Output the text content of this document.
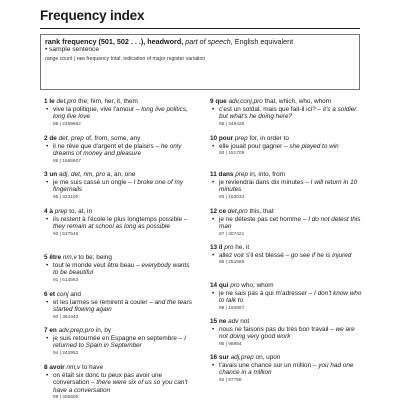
Frequency index
rank frequency (501, 502 . . .), headword, part of speech, English equivalent
• sample sentence
range count | raw frequency total, indication of major register variation
1 le det,pro the; him, her, it, them
• vive la politique, vive l'amour – long live politics, long live love
89 | 2359662
2 de det, prep of, from, some, any
• il ne rêve que d'argent et de plaisirs – he only dreams of money and pleasure
89 | 1665907
3 un adj, det, nm, pro a, an, one
• je me suis cassé un ongle – I broke one of my fingernails
95 | 423100
4 à prep to, at, in
• ils restent à l'école le plus longtemps possible – they remain at school as long as possible
93 | 537546
5 être nm,v to be; being
• tout le monde veut être beau – everybody wants to be beautiful
91 | 514563
6 et conj and
• et les larmes se remirent à couler – and the tears started flowing again
93 | 364443
7 en adv,prep,pro in, by
• je suis retournée en Espagne en septembre – I returned to Spain in September
94 | 242952
8 avoir nm,v to have
• on était six donc tu peux pas avoir une conversation – there were six of us so you can't have a conversation
89 | 405600
9 que adv,conj,pro that, which, who, whom
• c'est un soldat. mais que fait-il ici? – it's a soldier. but what's he doing here?
88 | 348428
10 pour prep for, in order to
• elle jouait pour gagner – she played to win
93 | 151709
11 dans prep in, into, from
• je reviendrai dans dix minutes – I will return in 10 minutes
93 | 163033
12 ce det,pro this, that
• je ne déteste pas cet homme – I do not detest this man
87 | 307421
13 il pro he, it
• allez voir s'il est blessé – go see if he is injured
86 | 251585
14 qui pro who, whom
• je ne sais pas à qui m'adresser – I don't know who to talk to
89 | 160867
15 ne adv not
• nous ne faisons pas du très bon travail – we are not doing very good work
86 | 98954
16 sur adj,prep on, upon
• t'avais une chance sur un million – you had one chance in a million
92 | 97798
